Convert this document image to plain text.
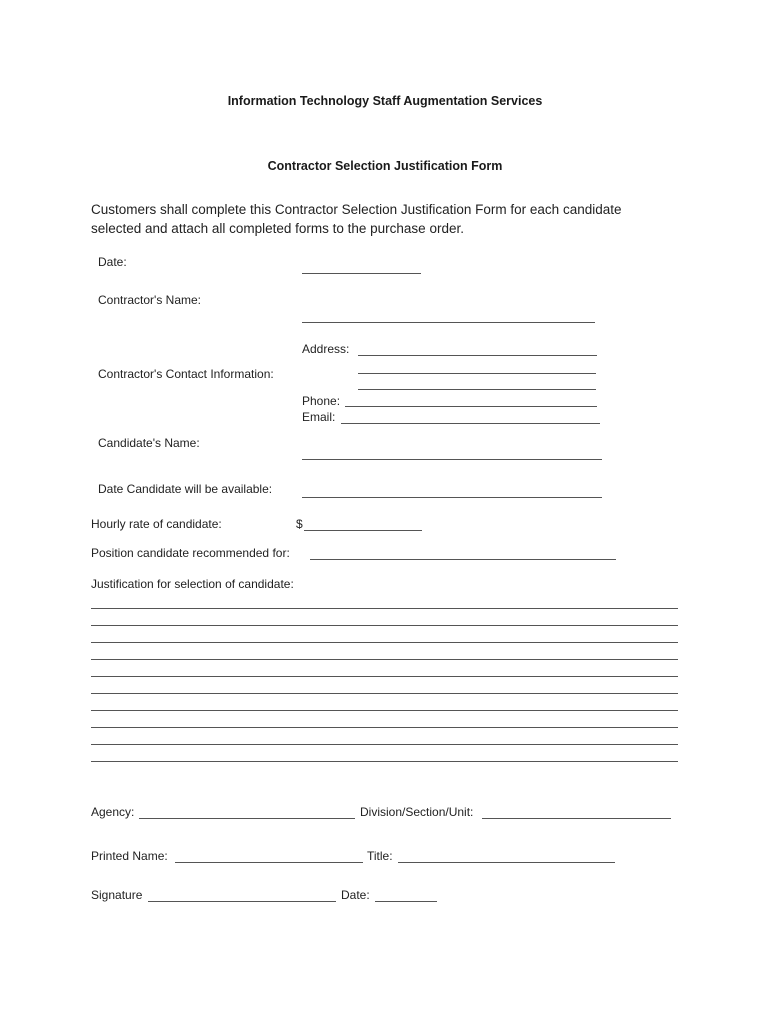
Information Technology Staff Augmentation Services
Contractor Selection Justification Form
Customers shall complete this Contractor Selection Justification Form for each candidate
selected and attach all completed forms to the purchase order.
Date:
Contractor's Name:
Address:
Contractor's Contact Information:
Phone:
Email:
Candidate's Name:
Date Candidate will be available:
Hourly rate of candidate:	$
Position candidate recommended for:
Justification for selection of candidate:
Agency:	Division/Section/Unit:
Printed Name:	Title:
Signature	Date:
